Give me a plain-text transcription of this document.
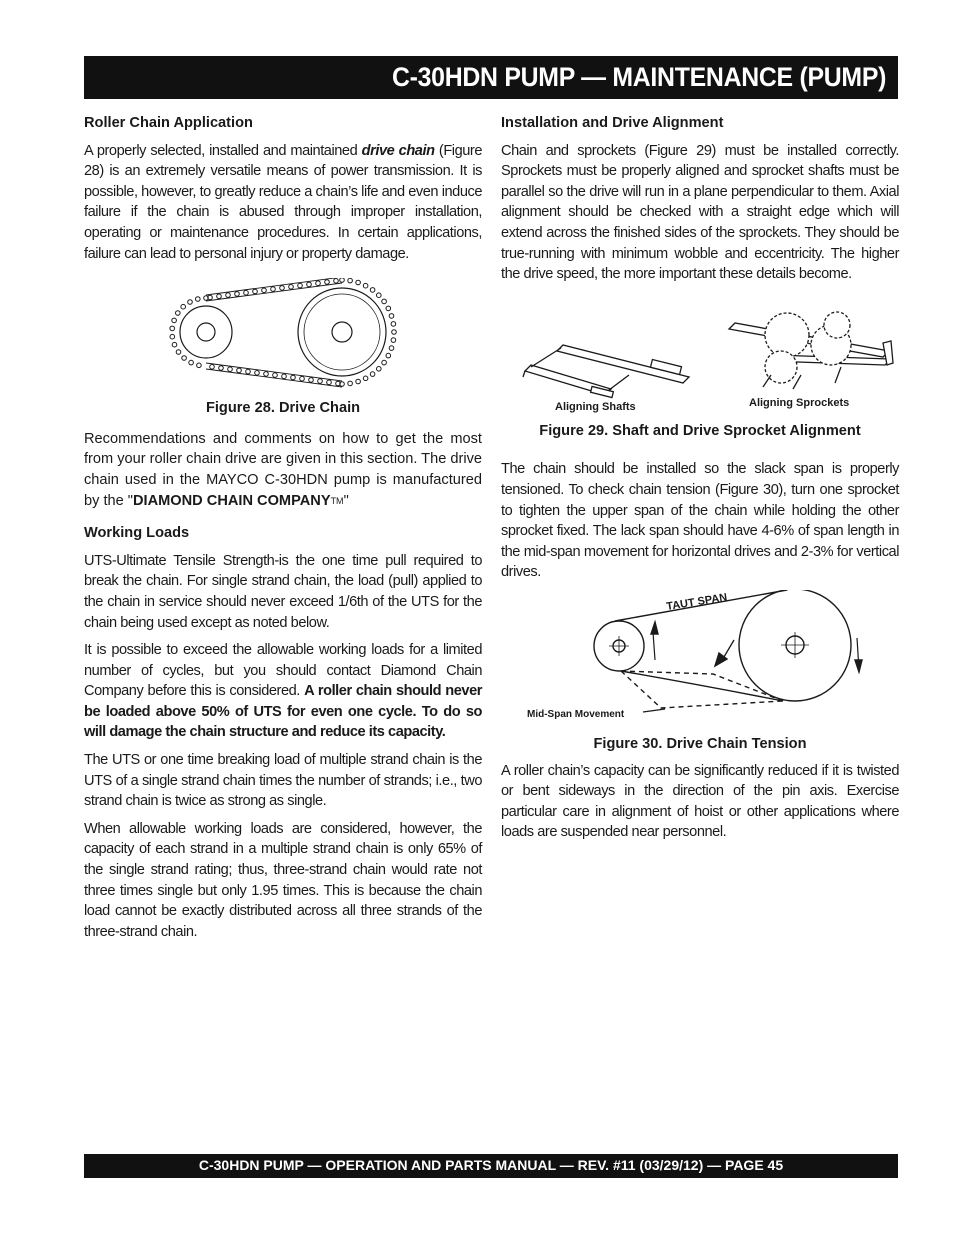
C-30HDN PUMP — MAINTENANCE (PUMP)
Roller Chain Application

A properly selected, installed and maintained drive chain (Figure 28) is an extremely versatile means of power transmission. It is possible, however, to greatly reduce a chain’s life and even induce failure if the chain is abused through improper installation, operating or maintenance procedures. In certain applications, failure can lead to personal injury or property damage.

Figure 28. Drive Chain

Recommendations and comments on how to get the most from your roller chain drive are given in this section. The drive chain used in the MAYCO C-30HDN pump is manufactured by the "DIAMOND CHAIN COMPANY™"

Working Loads

UTS-Ultimate Tensile Strength-is the one time pull required to break the chain. For single strand chain, the load (pull) applied to the chain in service should never exceed 1/6th of the UTS for the chain being used except as noted below.

It is possible to exceed the allowable working loads for a limited number of cycles, but you should contact Diamond Chain Company before this is considered. A roller chain should never be loaded above 50% of UTS for even one cycle. To do so will damage the chain structure and reduce its capacity.

The UTS or one time breaking load of multiple strand chain is the UTS of a single strand chain times the number of strands; i.e., two strand chain is twice as strong as single.

When allowable working loads are considered, however, the capacity of each strand in a multiple strand chain is only 65% of the single strand rating; thus, three-strand chain would rate not three times single but only 1.95 times. This is because the chain load cannot be exactly distributed across all three strands of the three-strand chain.

Installation and Drive Alignment

Chain and sprockets (Figure 29) must be installed correctly. Sprockets must be properly aligned and sprocket shafts must be parallel so the drive will run in a plane perpendicular to them. Axial alignment should be checked with a straight edge which will extend across the finished sides of the sprockets. They should be true-running with minimum wobble and eccentricity. The higher the drive speed, the more important these details become.

Aligning Shafts	Aligning Sprockets
Figure 29. Shaft and Drive Sprocket Alignment

The chain should be installed so the slack span is properly tensioned. To check chain tension (Figure 30), turn one sprocket to tighten the upper span of the chain while holding the other sprocket fixed. The lack span should have 4-6% of span length in the mid-span movement for horizontal drives and 2-3% for vertical drives.

TAUT SPAN
Mid-Span Movement
Figure 30. Drive Chain Tension

A roller chain’s capacity can be significantly reduced if it is twisted or bent sideways in the direction of the pin axis. Exercise particular care in alignment of hoist or other applications where loads are suspended near personnel.

C-30HDN PUMP — OPERATION AND PARTS MANUAL — REV. #11 (03/29/12) — PAGE 45
